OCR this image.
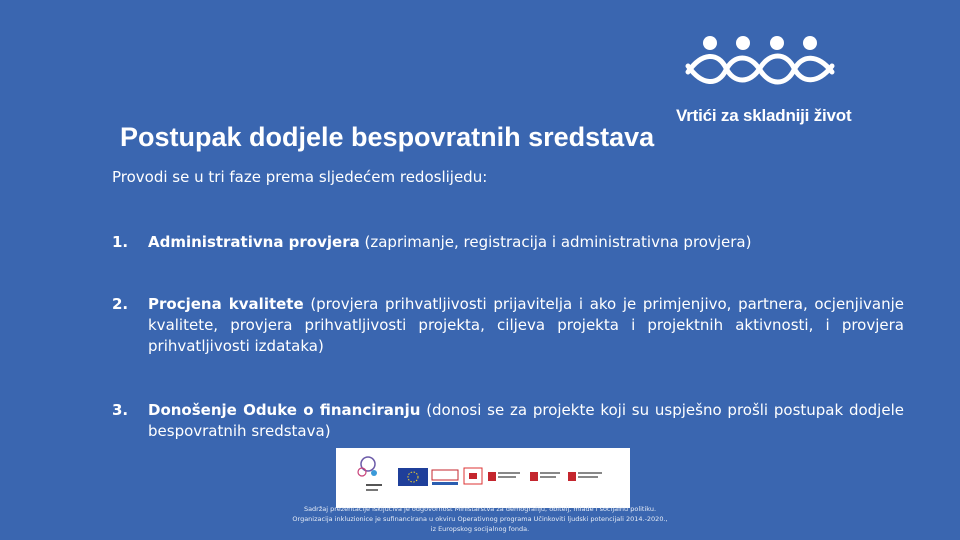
Vrtići za skladniji život
Postupak dodjele bespovratnih sredstava
Provodi se u tri faze prema sljedećem redoslijedu:
1. Administrativna provjera (zaprimanje, registracija i administrativna provjera)
2. Procjena kvalitete (provjera prihvatljivosti prijavitelja i ako je primjenjivo, partnera, ocjenjivanje kvalitete, provjera prihvatljivosti projekta, ciljeva projekta i projektnih aktivnosti, i provjera prihvatljivosti izdataka)
3. Donošenje Oduke o financiranju (donosi se za projekte koji su uspješno prošli postupak dodjele bespovratnih sredstava)
Sadržaj prezentacije isključiva je odgovornost Ministarstva za demografiju, obitelj, mlade i socijalnu politiku.
Organizacija inkluzionice je sufinancirana u okviru Operativnog programa Učinkoviti ljudski potencijali 2014.-2020.,
iz Europskog socijalnog fonda.
